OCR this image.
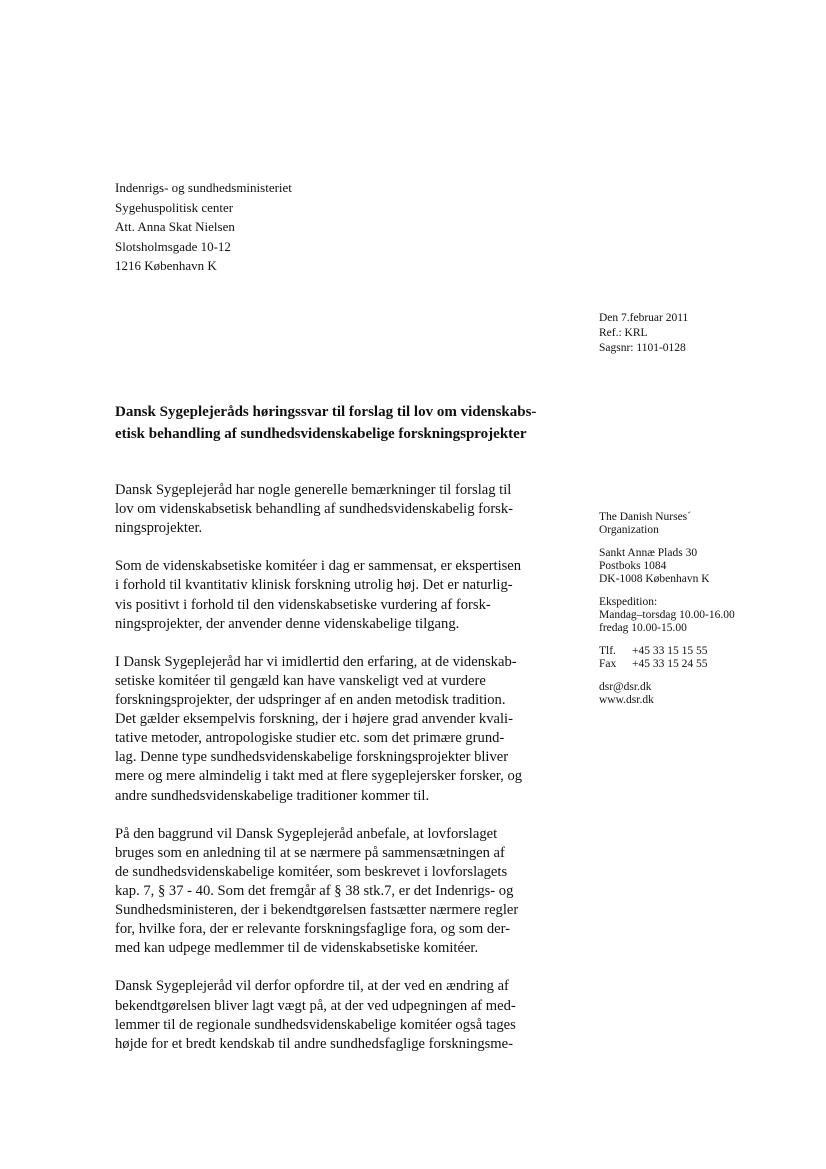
Indenrigs- og sundhedsministeriet
Sygehuspolitisk center
Att. Anna Skat Nielsen
Slotsholmsgade 10-12
1216 København K
Den 7.februar 2011
Ref.: KRL
Sagsnr: 1101-0128
Dansk Sygeplejeråds høringssvar til forslag til lov om videnskabs-
etisk behandling af sundhedsvidenskabelige forskningsprojekter

Dansk Sygeplejeråd har nogle generelle bemærkninger til forslag til
lov om videnskabsetisk behandling af sundhedsvidenskabelig forsk-
ningsprojekter.

Som de videnskabsetiske komitéer i dag er sammensat, er ekspertisen
i forhold til kvantitativ klinisk forskning utrolig høj. Det er naturlig-
vis positivt i forhold til den videnskabsetiske vurdering af forsk-
ningsprojekter, der anvender denne videnskabelige tilgang.

I Dansk Sygeplejeråd har vi imidlertid den erfaring, at de videnskab-
setiske komitéer til gengæld kan have vanskeligt ved at vurdere
forskningsprojekter, der udspringer af en anden metodisk tradition.
Det gælder eksempelvis forskning, der i højere grad anvender kvali-
tative metoder, antropologiske studier etc. som det primære grund-
lag. Denne type sundhedsvidenskabelige forskningsprojekter bliver
mere og mere almindelig i takt med at flere sygeplejersker forsker, og
andre sundhedsvidenskabelige traditioner kommer til.

På den baggrund vil Dansk Sygeplejeråd anbefale, at lovforslaget
bruges som en anledning til at se nærmere på sammensætningen af
de sundhedsvidenskabelige komitéer, som beskrevet i lovforslagets
kap. 7, § 37 - 40. Som det fremgår af § 38 stk.7, er det Indenrigs- og
Sundhedsministeren, der i bekendtgørelsen fastsætter nærmere regler
for, hvilke fora, der er relevante forskningsfaglige fora, og som der-
med kan udpege medlemmer til de videnskabsetiske komitéer.

Dansk Sygeplejeråd vil derfor opfordre til, at der ved en ændring af
bekendtgørelsen bliver lagt vægt på, at der ved udpegningen af med-
lemmer til de regionale sundhedsvidenskabelige komitéer også tages
højde for et bredt kendskab til andre sundhedsfaglige forskningsme-

The Danish Nurses´
Organization
Sankt Annæ Plads 30
Postboks 1084
DK-1008 København K
Ekspedition:
Mandag–torsdag 10.00-16.00
fredag 10.00-15.00
Tlf.	+45 33 15 15 55
Fax	+45 33 15 24 55
dsr@dsr.dk
www.dsr.dk
